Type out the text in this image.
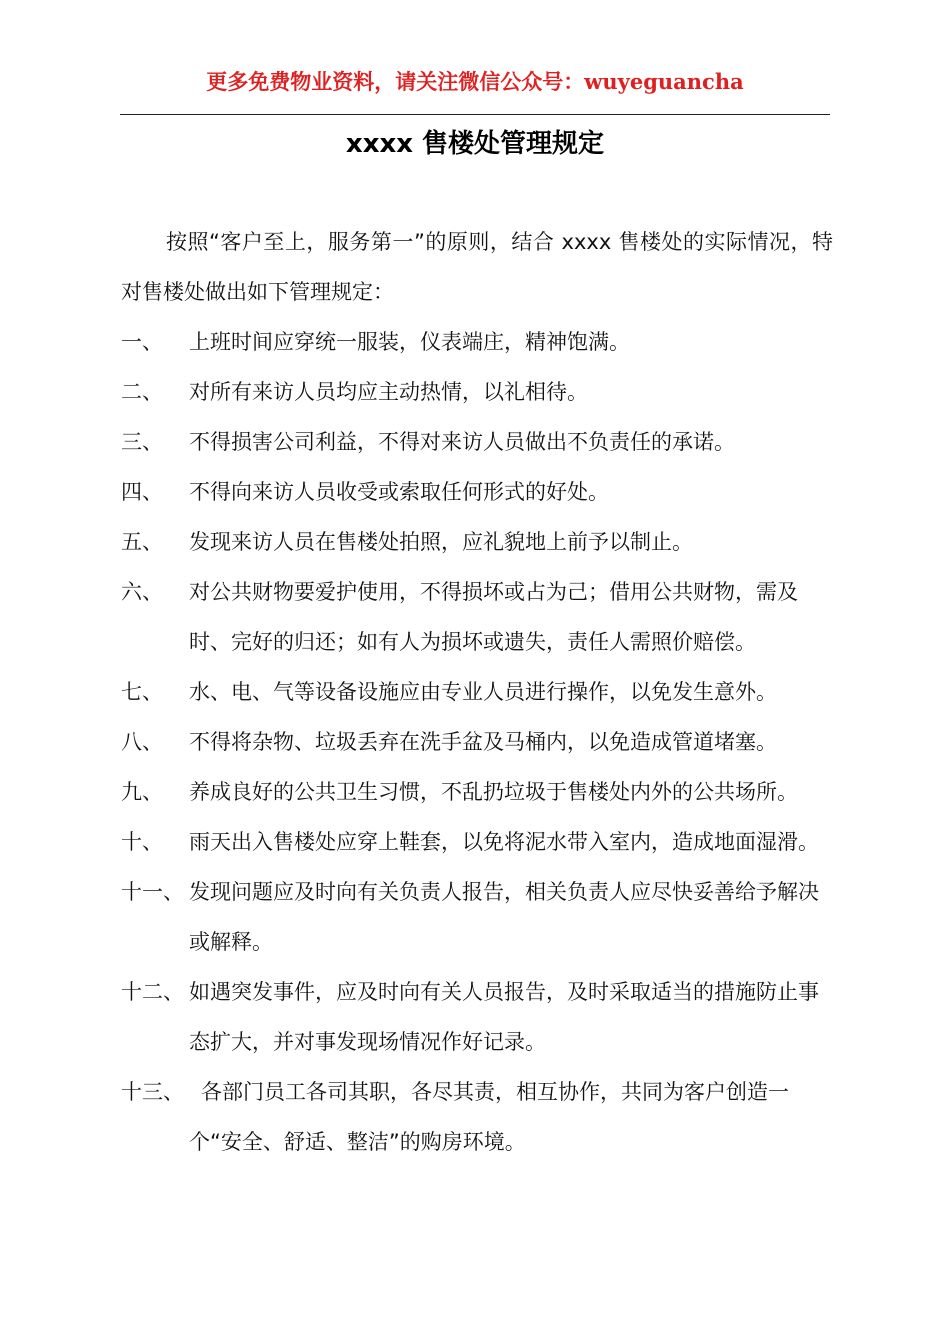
更多免费物业资料，请关注微信公众号：wuyeguancha
xxxx 售楼处管理规定
按照“客户至上，服务第一”的原则，结合 xxxx 售楼处的实际情况，特对售楼处做出如下管理规定：
一、	上班时间应穿统一服装，仪表端庄，精神饱满。
二、	对所有来访人员均应主动热情，以礼相待。
三、	不得损害公司利益，不得对来访人员做出不负责任的承诺。
四、	不得向来访人员收受或索取任何形式的好处。
五、	发现来访人员在售楼处拍照，应礼貌地上前予以制止。
六、	对公共财物要爱护使用，不得损坏或占为己；借用公共财物，需及时、完好的归还；如有人为损坏或遗失，责任人需照价赔偿。
七、	水、电、气等设备设施应由专业人员进行操作，以免发生意外。
八、	不得将杂物、垃圾丢弃在洗手盆及马桶内，以免造成管道堵塞。
九、	养成良好的公共卫生习惯，不乱扔垃圾于售楼处内外的公共场所。
十、	雨天出入售楼处应穿上鞋套，以免将泥水带入室内，造成地面湿滑。
十一、 发现问题应及时向有关负责人报告，相关负责人应尽快妥善给予解决或解释。
十二、 如遇突发事件，应及时向有关人员报告，及时采取适当的措施防止事态扩大，并对事发现场情况作好记录。
十三、 各部门员工各司其职，各尽其责，相互协作，共同为客户创造一个“安全、舒适、整洁”的购房环境。
